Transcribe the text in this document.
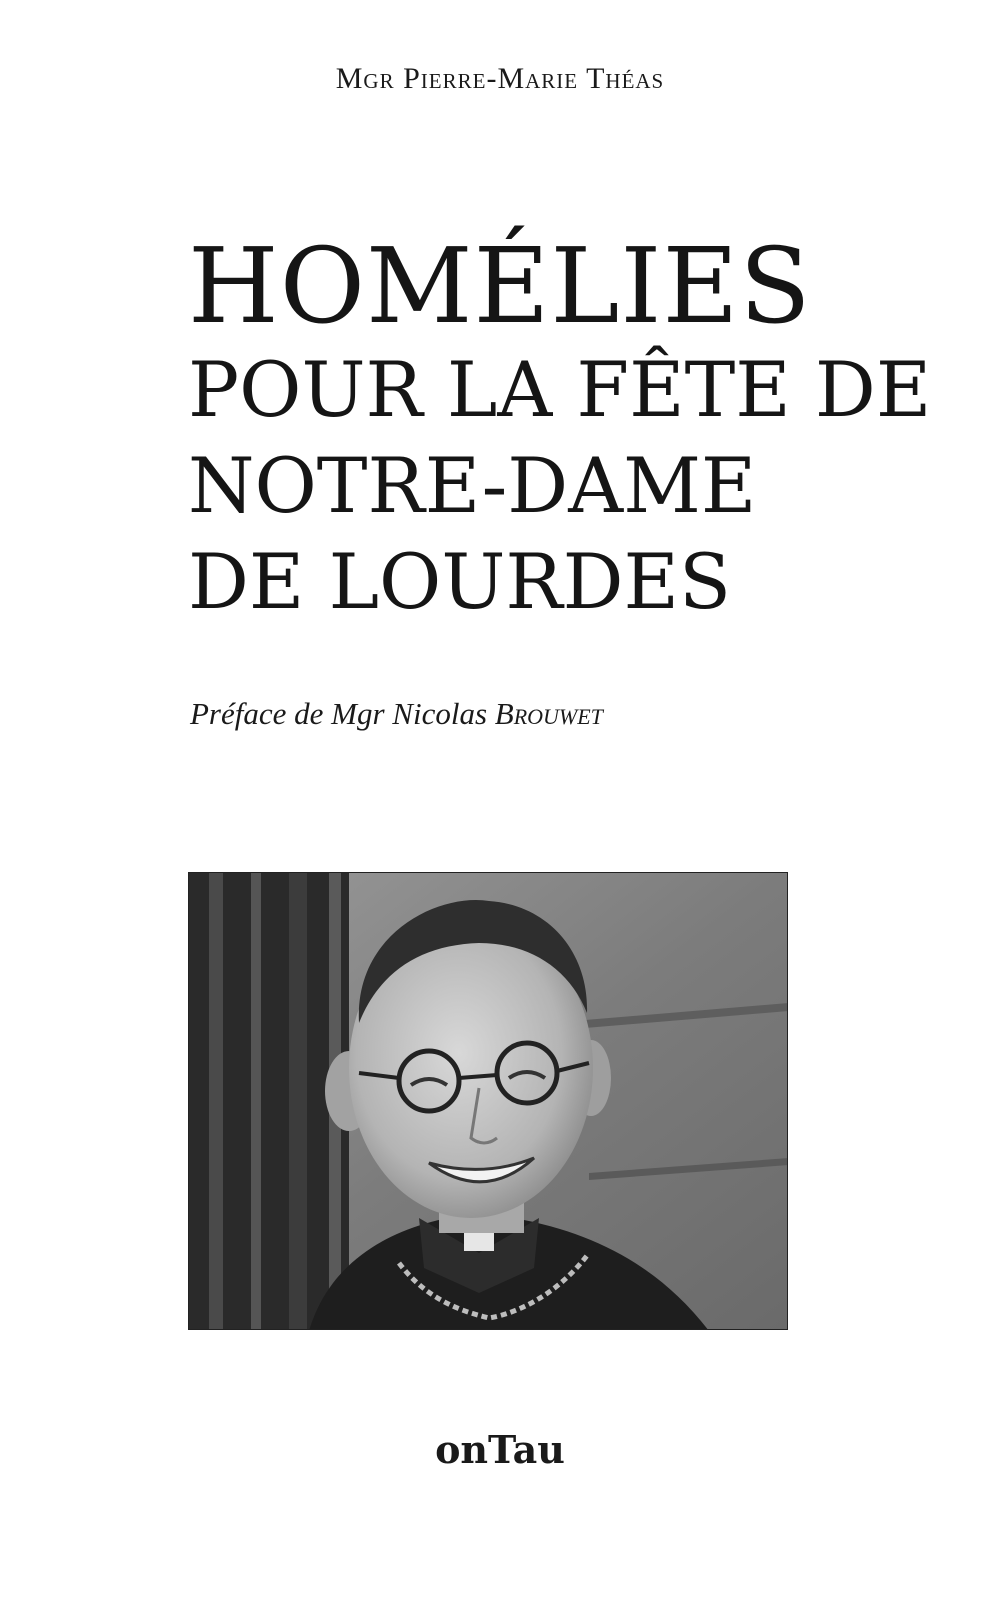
Mgr Pierre-Marie Théas
HOMÉLIES
POUR LA FÊTE DE
NOTRE-DAME
DE LOURDES
Préface de Mgr Nicolas Brouwet
onTau
